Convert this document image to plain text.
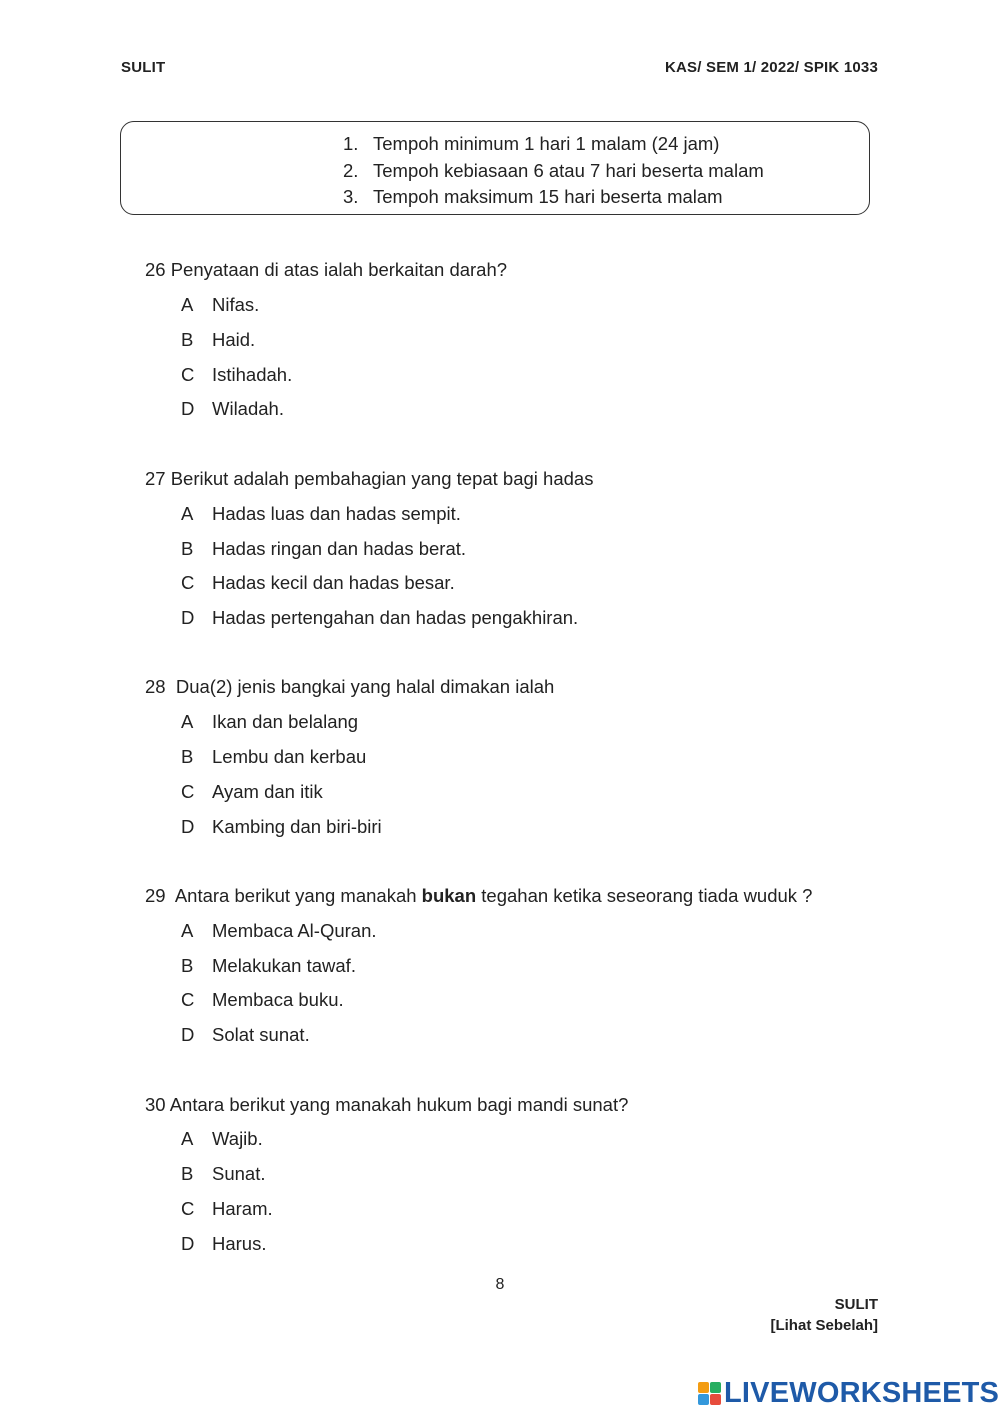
SULIT	KAS/ SEM 1/ 2022/ SPIK 1033
1. Tempoh minimum 1 hari 1 malam (24 jam)
2. Tempoh kebiasaan 6 atau 7 hari beserta malam
3. Tempoh maksimum 15 hari beserta malam
26 Penyataan di atas ialah berkaitan darah?
A Nifas.
B Haid.
C Istihadah.
D Wiladah.
27 Berikut adalah pembahagian yang tepat bagi hadas
A Hadas luas dan hadas sempit.
B Hadas ringan dan hadas berat.
C Hadas kecil dan hadas besar.
D Hadas pertengahan dan hadas pengakhiran.
28 Dua(2) jenis bangkai yang halal dimakan ialah
A Ikan dan belalang
B Lembu dan kerbau
C Ayam dan itik
D Kambing dan biri-biri
29 Antara berikut yang manakah bukan tegahan ketika seseorang tiada wuduk ?
A Membaca Al-Quran.
B Melakukan tawaf.
C Membaca buku.
D Solat sunat.
30 Antara berikut yang manakah hukum bagi mandi sunat?
A Wajib.
B Sunat.
C Haram.
D Harus.
8
SULIT
[Lihat Sebelah]
LIVEWORKSHEETS
